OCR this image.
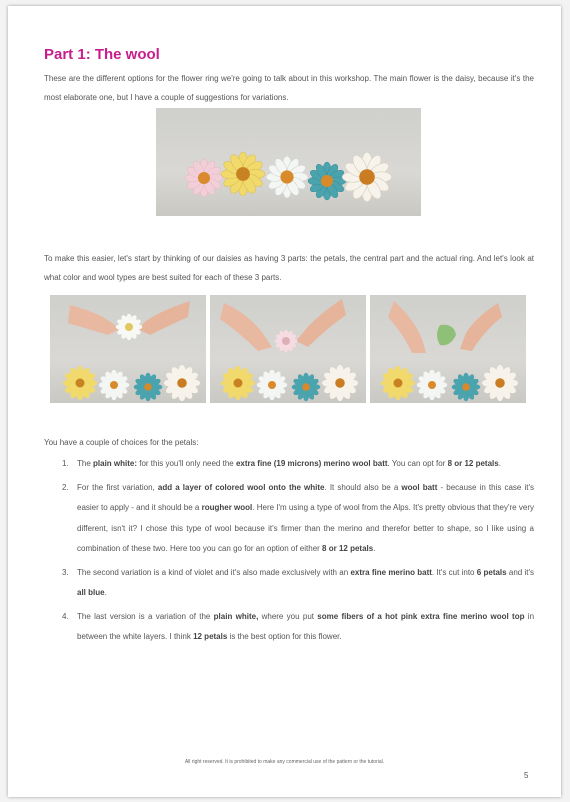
Part 1: The wool
These are the different options for the flower ring we're going to talk about in this workshop. The main flower is the daisy, because it's the most elaborate one, but I have a couple of suggestions for variations.
To make this easier, let's start by thinking of our daisies as having 3 parts: the petals, the central part and the actual ring. And let's look at what color and wool types are best suited for each of these 3 parts.
You have a couple of choices for the petals:
1. The plain white: for this you'll only need the extra fine (19 microns) merino wool batt. You can opt for 8 or 12 petals.
2. For the first variation, add a layer of colored wool onto the white. It should also be a wool batt - because in this case it's easier to apply - and it should be a rougher wool. Here I'm using a type of wool from the Alps. It's pretty obvious that they're very different, isn't it? I chose this type of wool because it's firmer than the merino and therefor better to shape, so I like using a combination of these two. Here too you can go for an option of either 8 or 12 petals.
3. The second variation is a kind of violet and it's also made exclusively with an extra fine merino batt. It's cut into 6 petals and it's all blue.
4. The last version is a variation of the plain white, where you put some fibers of a hot pink extra fine merino wool top in between the white layers. I think 12 petals is the best option for this flower.
All right reserved. It is prohibited to make any commercial use of the pattern or the tutorial.
5
